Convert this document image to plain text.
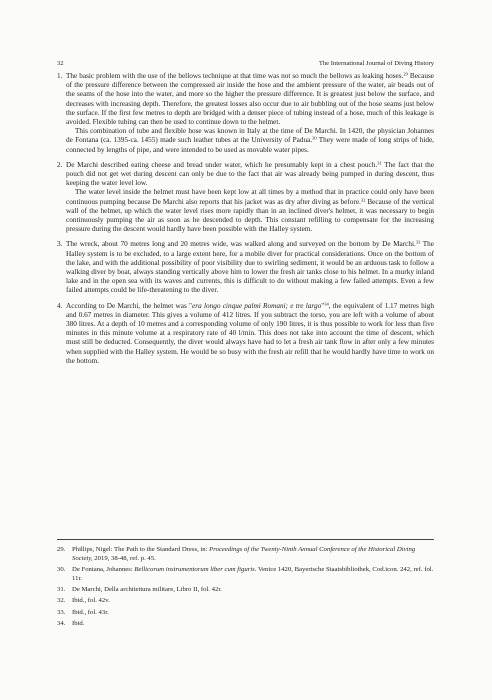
32	The International Journal of Diving History
1. The basic problem with the use of the bellows technique at that time was not so much the bellows as leaking hoses.$^{29}$ Because of the pressure difference between the compressed air inside the hose and the ambient pressure of the water, air beads out of the seams of the hose into the water, and more so the higher the pressure difference. It is greatest just below the surface, and decreases with increasing depth. Therefore, the greatest losses also occur due to air bubbling out of the hose seams just below the surface. If the first few metres to depth are bridged with a denser piece of tubing instead of a hose, much of this leakage is avoided. Flexible tubing can then be used to continue down to the helmet.

This combination of tube and flexible hose was known in Italy at the time of De Marchi. In 1420, the physician Johannes de Fontana (ca. 1395-ca. 1455) made such leather tubes at the University of Padua.$^{30}$ They were made of long strips of hide, connected by lengths of pipe, and were intended to be used as movable water pipes.

2. De Marchi described eating cheese and bread under water, which he presumably kept in a chest pouch.$^{31}$ The fact that the pouch did not get wet during descent can only be due to the fact that air was already being pumped in during descent, thus keeping the water level low.

The water level inside the helmet must have been kept low at all times by a method that in practice could only have been continuous pumping because De Marchi also reports that his jacket was as dry after diving as before.$^{32}$ Because of the vertical wall of the helmet, up which the water level rises more rapidly than in an inclined diver's helmet, it was necessary to begin continuously pumping the air as soon as he descended to depth. This constant refilling to compensate for the increasing pressure during the descent would hardly have been possible with the Halley system.

3. The wreck, about 70 metres long and 20 metres wide, was walked along and surveyed on the bottom by De Marchi.$^{33}$ The Halley system is to be excluded, to a large extent here, for a mobile diver for practical considerations. Once on the bottom of the lake, and with the additional possibility of poor visibility due to swirling sediment, it would be an arduous task to follow a walking diver by boat, always standing vertically above him to lower the fresh air tanks close to his helmet. In a murky inland lake and in the open sea with its waves and currents, this is difficult to do without making a few failed attempts. Even a few failed attempts could be life-threatening to the diver.

4. According to De Marchi, the helmet was "era longo cinque palmi Romani; e tre largo"$^{34}$, the equivalent of 1.17 metres high and 0.67 metres in diameter. This gives a volume of 412 litres. If you subtract the torso, you are left with a volume of about 380 litres. At a depth of 10 metres and a corresponding volume of only 190 litres, it is thus possible to work for less than five minutes in this minute volume at a respiratory rate of 40 l/min. This does not take into account the time of descent, which must still be deducted. Consequently, the diver would always have had to let a fresh air tank flow in after only a few minutes when supplied with the Halley system. He would be so busy with the fresh air refill that he would hardly have time to work on the bottom.

29. Phillips, Nigel: The Path to the Standard Dress, in: Proceedings of the Twenty-Ninth Annual Conference of the Historical Diving Society, 2019, 38-48, ref. p. 45.
30. De Fontana, Johannes: Bellicorum instrumentorum liber cum figuris. Venice 1420, Bayerische Staatsbibliothek, Cod.icon. 242, ref. fol. 11r.
31. De Marchi, Della architettura militare, Libro II, fol. 42r.
32. Ibid., fol. 42v.
33. Ibid., fol. 43r.
34. Ibid.
